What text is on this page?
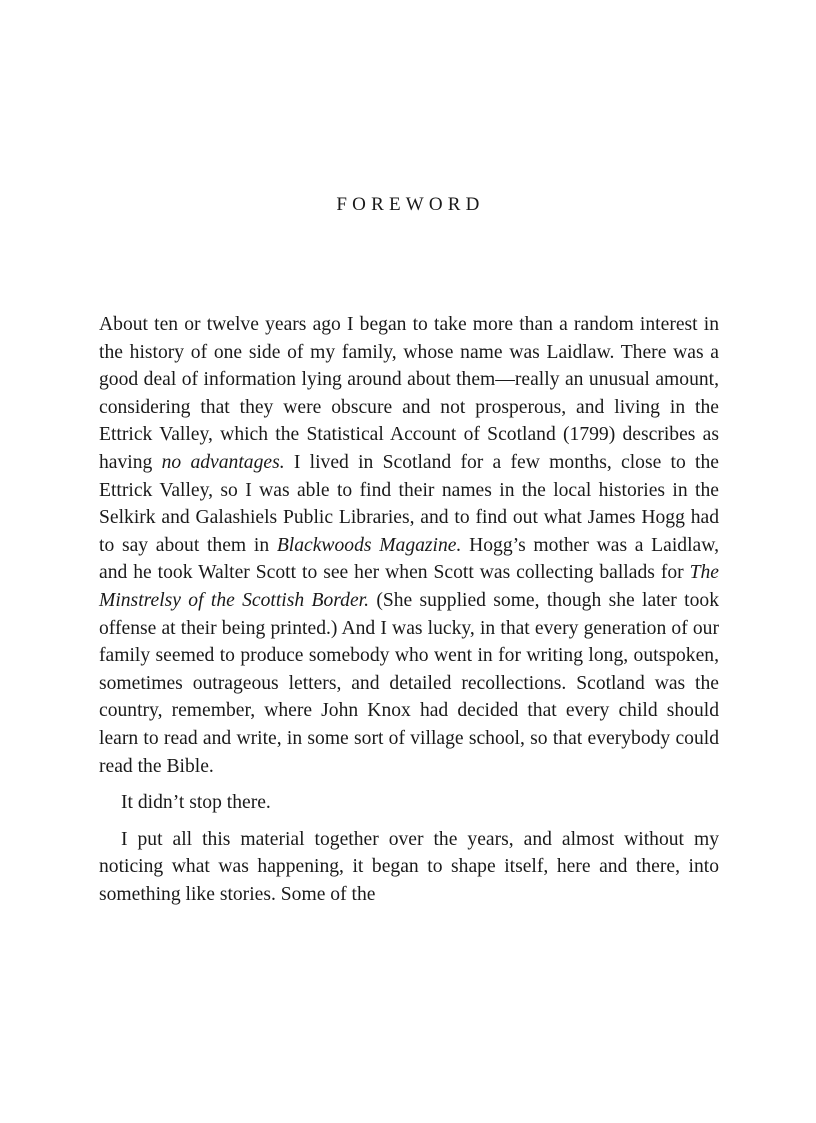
FOREWORD

About ten or twelve years ago I began to take more than a random interest in the history of one side of my family, whose name was Laidlaw. There was a good deal of information lying around about them—really an unusual amount, considering that they were obscure and not prosperous, and living in the Ettrick Valley, which the Statistical Account of Scotland (1799) describes as having no advantages. I lived in Scotland for a few months, close to the Ettrick Valley, so I was able to find their names in the local histories in the Selkirk and Galashiels Public Libraries, and to find out what James Hogg had to say about them in Blackwoods Magazine. Hogg’s mother was a Laidlaw, and he took Walter Scott to see her when Scott was collecting ballads for The Minstrelsy of the Scottish Border. (She supplied some, though she later took offense at their being printed.) And I was lucky, in that every generation of our family seemed to produce somebody who went in for writing long, outspoken, sometimes outrageous letters, and detailed recollections. Scotland was the country, remember, where John Knox had decided that every child should learn to read and write, in some sort of village school, so that everybody could read the Bible.

It didn’t stop there.

I put all this material together over the years, and almost without my noticing what was happening, it began to shape itself, here and there, into something like stories. Some of the
